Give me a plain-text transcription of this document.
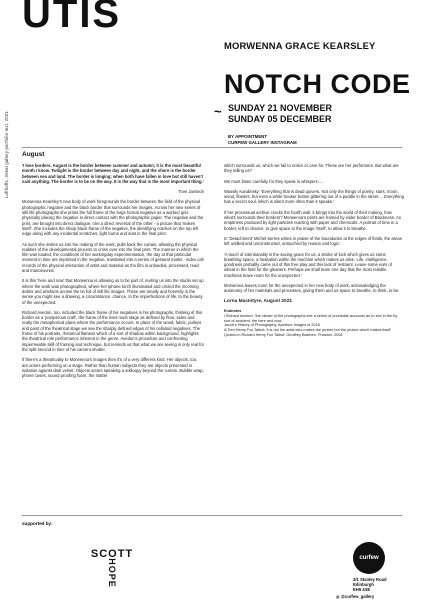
Lufthoffs, Great gallery portfolio text, 2021
UTIS
MORWENNA GRACE KEARSLEY
NOTCH CODE
~ SUNDAY 21 NOVEMBER
SUNDAY 05 DECEMBER
BY APPOINTMENT
CURFEW GALLERY INSTAGRAM
August

'I love borders. August is the border between summer and autumn; it is the most beautiful month I know. Twilight is the border between day and night, and the shore is the border between sea and land. The border is longing; when both have fallen in love but still haven't said anything. The border is to be on the way. It is the way that is the most important thing.'

Tove Jansson

Morwenna Kearsley's new body of work foregrounds the border between the field of the physical photographic negative and the black border that surrounds her images. Across her new series of still life photographs she prints the full frame of the large format negative as a worked grid, physically placing the negative in direct contact with the photographic paper. The negative and the print, are brought into direct dialogue; one a direct reversal of the other - a picture that 'makes itself'. She includes the sharp black frame of the negative, the identifying notches on the top left edge along with any incidental scratches, light burns and dust in the final print.

As such she invites us into the making of the work, pulls back the curtain, allowing the physical realities of the developmental process to cross over into the final print. The manner in which the film was loaded, the conditions of her workingday experimentation, the day at that particular moment in time are imprinted in the negative, translated into a series of gestural marks - index call records of the physical interaction of artist and material as the film is unloaded, processed, read and manoeuvred.

It is this 'here and now' that Morwenna is allowing us to be part of, inviting us into the studio set up where the work was photographed, where her iphone torch illuminated and circled the incoming debris and artefacts across the tin foil of still life images. These are tonally and honestly in the sense you might see a drawing, a circumstance, chance, to the imperfections of life, to the beauty of the unexpected.

Richard Avedon, too, included the black frame of his negatives in his photographs, thinking of this border as a 'prosperous craft', the frame of the lives must stage as defined by floor, sides and realty the metaphorical plane where the performance occurs. In place of the wood, fabric, pulleys and paint of the theatrical stage we see the sharply defined edges of his celluloid negatives. The frame of his portraits, rhetorical flatness which of a sort of shadow within background, highlights the theatrical role performance inherent in the genre. Avedon's procedure and confronting impermeable skill of framing and technique, but reminds us that what we are seeing is only real for the split second in time of his camera shutter.

If there's a theatricality to Morwenna's images then it's of a very different kind. Her objects, too, are actors performing on a stage. Rather than human subjects they are objects presented in isolation against dark velvet. Objects actors speaking a soliloquy beyond the curtain. Bubble wrap, phone cases, sound proofing foam; the matter

which surrounds us, which we fail to notice or care for. These are her performers. But what are they telling us?

We must listen carefully for they speak in whispers.....

Wassily Kandinsky: 'Everything that is dead quivers. Not only the things of poetry, stars, moon, wood, flowers, but even a white trouser button glittering out of a puddle in the street.... Everything has a secret soul, which is silent more often than it speaks.'

If her processual archive cracks the fourth wall, it brings into the world of their making, how what's surrounds their borders? Morwenna's prints are framed by wider border of Blackness. An emptiness produced by light particles reacting with paper and chemicals. A portrait of time in a border; left to chance, to give space to the image 'itself', to allow it to breathe.

In 'Detachment' Michel Serres writes in praise of the boundaries at the edges of fields, the areas left untilled and unconstructed, untouched by reason and logic:

'A touch of intentionality is the saving grace for us, a stroke of luck which gives us some breathing space, a hesitation within the machine which makes us alive. Life, intelligence, goodness probably came out of this free play and this lack of restraint. Leave some ears of wheat in the field for the gleaners. Perhaps we shall learn one day that the most reliable machines leave room for the unexpected.'

Morwenna leaves room for the unexpected in her new body of work, acknowledging the autonomy of her materials and processes, giving them and us space to breathe, to think, to be.

Lorna MacIntyre, August 2021

Endnotes
i Richard Avedon: 'the viewer of the photographs see a series of unreliable accounts an to see in the fry sort of accident, the here and now'
Jacob's History of Photography, Aperture Images of 2018
iii Tom Henry Fox Talbot: It is not the artist who makes the picture but the picture which makes itself'
Quoted in Richard Henry Fox Talbot: Geoffrey Batchen, Phaidon, 2008
supported by:
SCOTT
HOPE
curfew
3/1 Stanley Road
Edinburgh
EH6 4SE
◎ @curfew_gallery
